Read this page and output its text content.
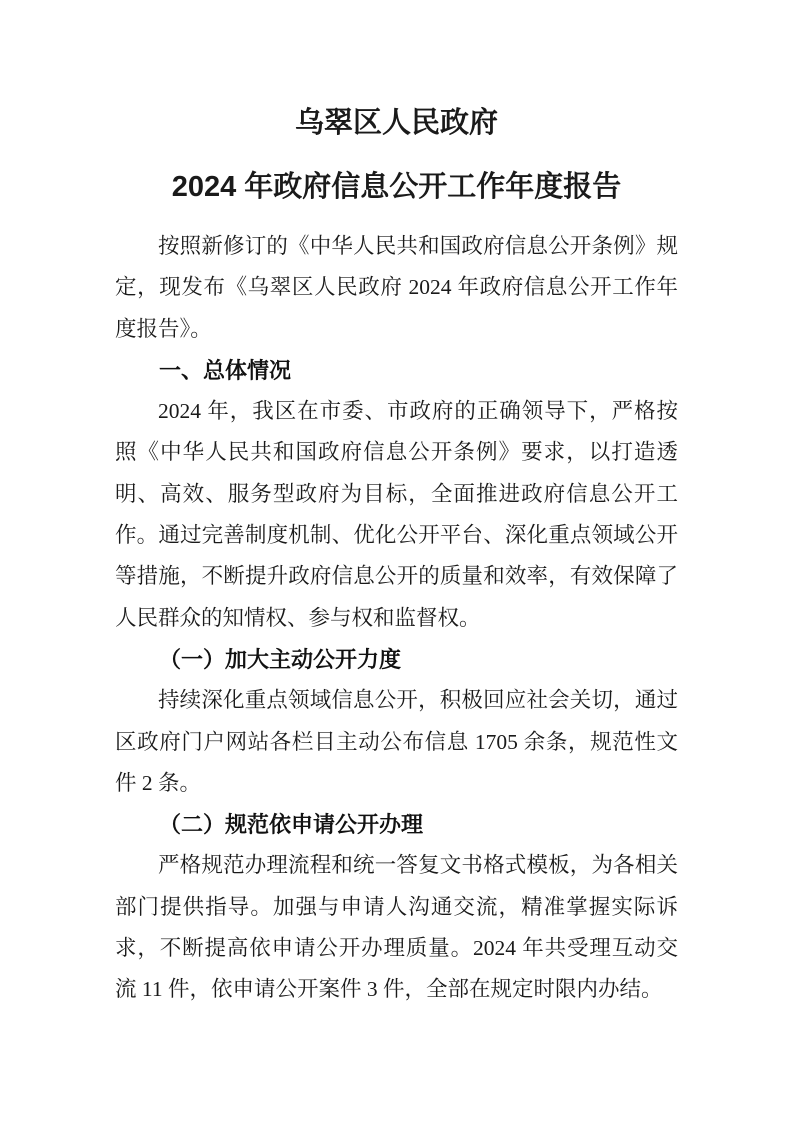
乌翠区人民政府
2024 年政府信息公开工作年度报告

按照新修订的《中华人民共和国政府信息公开条例》规定，现发布《乌翠区人民政府 2024 年政府信息公开工作年度报告》。

一、总体情况

2024 年，我区在市委、市政府的正确领导下，严格按照《中华人民共和国政府信息公开条例》要求，以打造透明、高效、服务型政府为目标，全面推进政府信息公开工作。通过完善制度机制、优化公开平台、深化重点领域公开等措施，不断提升政府信息公开的质量和效率，有效保障了人民群众的知情权、参与权和监督权。

（一）加大主动公开力度

持续深化重点领域信息公开，积极回应社会关切，通过区政府门户网站各栏目主动公布信息 1705 余条，规范性文件 2 条。

（二）规范依申请公开办理

严格规范办理流程和统一答复文书格式模板，为各相关部门提供指导。加强与申请人沟通交流，精准掌握实际诉求，不断提高依申请公开办理质量。2024 年共受理互动交流 11 件，依申请公开案件 3 件，全部在规定时限内办结。
